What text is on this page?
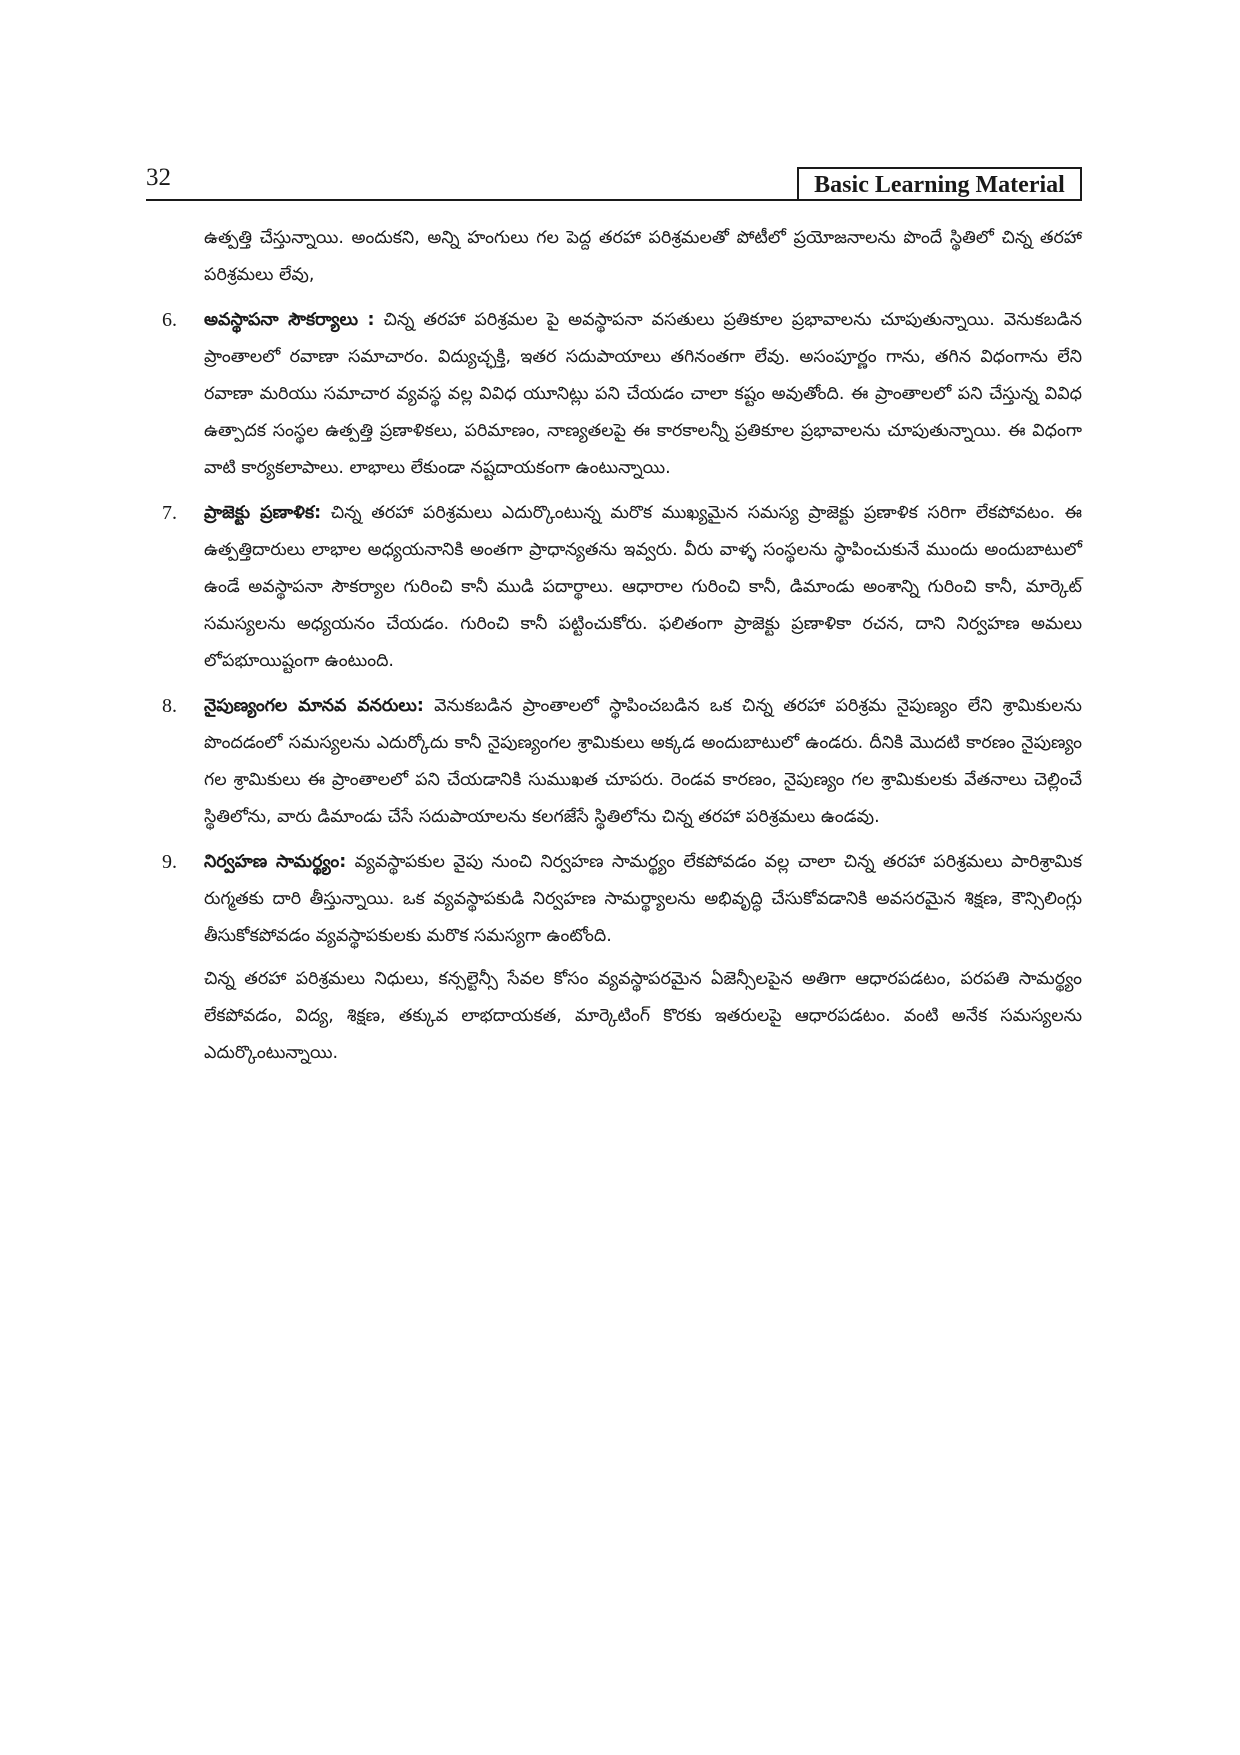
32	Basic Learning Material

ఉత్పత్తి చేస్తున్నాయి. అందుకని, అన్ని హంగులు గల పెద్ద తరహా పరిశ్రమలతో పోటీలో ప్రయోజనాలను పొందే స్థితిలో చిన్న తరహా పరిశ్రమలు లేవు,

6.	అవస్థాపనా సౌకర్యాలు : చిన్న తరహా పరిశ్రమల పై అవస్థాపనా వసతులు ప్రతికూల ప్రభావాలను చూపుతున్నాయి. వెనుకబడిన ప్రాంతాలలో రవాణా సమాచారం. విద్యుచ్ఛక్తి, ఇతర సదుపాయాలు తగినంతగా లేవు. అసంపూర్ణం గాను, తగిన విధంగాను లేని రవాణా మరియు సమాచార వ్యవస్థ వల్ల వివిధ యూనిట్లు పని చేయడం చాలా కష్టం అవుతోంది. ఈ ప్రాంతాలలో పని చేస్తున్న వివిధ ఉత్పాదక సంస్థల ఉత్పత్తి ప్రణాళికలు, పరిమాణం, నాణ్యతలపై ఈ కారకాలన్నీ ప్రతికూల ప్రభావాలను చూపుతున్నాయి. ఈ విధంగా వాటి కార్యకలాపాలు. లాభాలు లేకుండా నష్టదాయకంగా ఉంటున్నాయి.

7.	ప్రాజెక్టు ప్రణాళిక: చిన్న తరహా పరిశ్రమలు ఎదుర్కొంటున్న మరొక ముఖ్యమైన సమస్య ప్రాజెక్టు ప్రణాళిక సరిగా లేకపోవటం. ఈ ఉత్పత్తిదారులు లాభాల అధ్యయనానికి అంతగా ప్రాధాన్యతను ఇవ్వరు. వీరు వాళ్ళ సంస్థలను స్థాపించుకునే ముందు అందుబాటులో ఉండే అవస్థాపనా సౌకర్యాల గురించి కానీ ముడి పదార్థాలు. ఆధారాల గురించి కానీ, డిమాండు అంశాన్ని గురించి కానీ, మార్కెట్ సమస్యలను అధ్యయనం చేయడం. గురించి కానీ పట్టించుకోరు. ఫలితంగా ప్రాజెక్టు ప్రణాళికా రచన, దాని నిర్వహణ అమలు లోపభూయిష్టంగా ఉంటుంది.

8.	నైపుణ్యంగల మానవ వనరులు: వెనుకబడిన ప్రాంతాలలో స్థాపించబడిన ఒక చిన్న తరహా పరిశ్రమ నైపుణ్యం లేని శ్రామికులను పొందడంలో సమస్యలను ఎదుర్కోదు కానీ నైపుణ్యంగల శ్రామికులు అక్కడ అందుబాటులో ఉండరు. దీనికి మొదటి కారణం నైపుణ్యం గల శ్రామికులు ఈ ప్రాంతాలలో పని చేయడానికి సుముఖత చూపరు. రెండవ కారణం, నైపుణ్యం గల శ్రామికులకు వేతనాలు చెల్లించే స్థితిలోను, వారు డిమాండు చేసే సదుపాయాలను కలగజేసే స్థితిలోను చిన్న తరహా పరిశ్రమలు ఉండవు.

9.	నిర్వహణ సామర్థ్యం: వ్యవస్థాపకుల వైపు నుంచి నిర్వహణ సామర్థ్యం లేకపోవడం వల్ల చాలా చిన్న తరహా పరిశ్రమలు పారిశ్రామిక రుగ్మతకు దారి తీస్తున్నాయి. ఒక వ్యవస్థాపకుడి నిర్వహణ సామర్థ్యాలను అభివృద్ధి చేసుకోవడానికి అవసరమైన శిక్షణ, కౌన్సిలింగ్లు తీసుకోకపోవడం వ్యవస్థాపకులకు మరొక సమస్యగా ఉంటోంది.

చిన్న తరహా పరిశ్రమలు నిధులు, కన్సల్టెన్సీ సేవల కోసం వ్యవస్థాపరమైన ఏజెన్సీలపైన అతిగా ఆధారపడటం, పరపతి సామర్థ్యం లేకపోవడం, విద్య, శిక్షణ, తక్కువ లాభదాయకత, మార్కెటింగ్ కొరకు ఇతరులపై ఆధారపడటం. వంటి అనేక సమస్యలను ఎదుర్కొంటున్నాయి.
